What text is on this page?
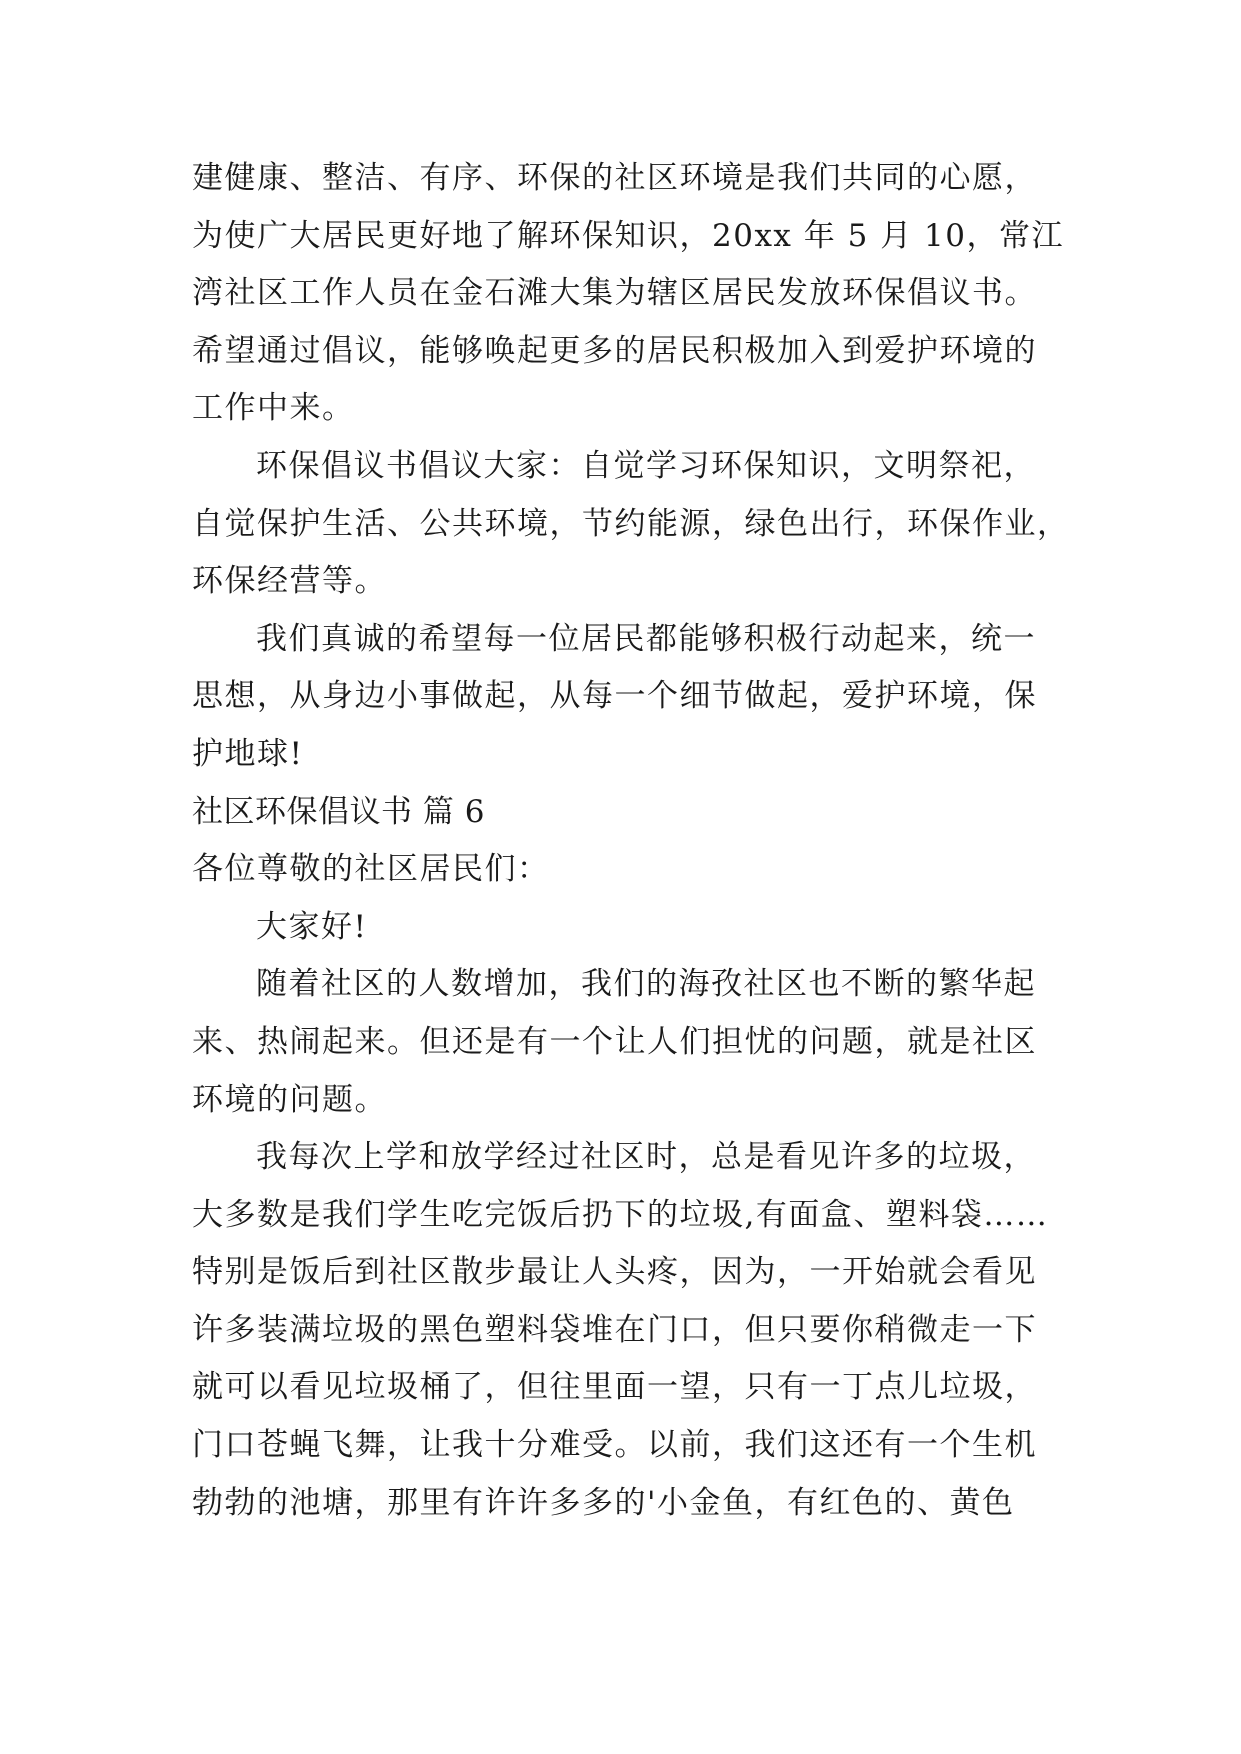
建健康、整洁、有序、环保的社区环境是我们共同的心愿，
为使广大居民更好地了解环保知识，20xx 年 5 月 10，常江
湾社区工作人员在金石滩大集为辖区居民发放环保倡议书。
希望通过倡议，能够唤起更多的居民积极加入到爱护环境的
工作中来。
环保倡议书倡议大家：自觉学习环保知识，文明祭祀，
自觉保护生活、公共环境，节约能源，绿色出行，环保作业，
环保经营等。
我们真诚的希望每一位居民都能够积极行动起来，统一
思想，从身边小事做起，从每一个细节做起，爱护环境，保
护地球!
社区环保倡议书 篇 6
各位尊敬的社区居民们：
大家好!
随着社区的人数增加，我们的海孜社区也不断的繁华起
来、热闹起来。但还是有一个让人们担忧的问题，就是社区
环境的问题。
我每次上学和放学经过社区时，总是看见许多的垃圾，
大多数是我们学生吃完饭后扔下的垃圾,有面盒、塑料袋……
特别是饭后到社区散步最让人头疼，因为，一开始就会看见
许多装满垃圾的黑色塑料袋堆在门口，但只要你稍微走一下
就可以看见垃圾桶了，但往里面一望，只有一丁点儿垃圾，
门口苍蝇飞舞，让我十分难受。以前，我们这还有一个生机
勃勃的池塘，那里有许许多多的'小金鱼，有红色的、黄色
